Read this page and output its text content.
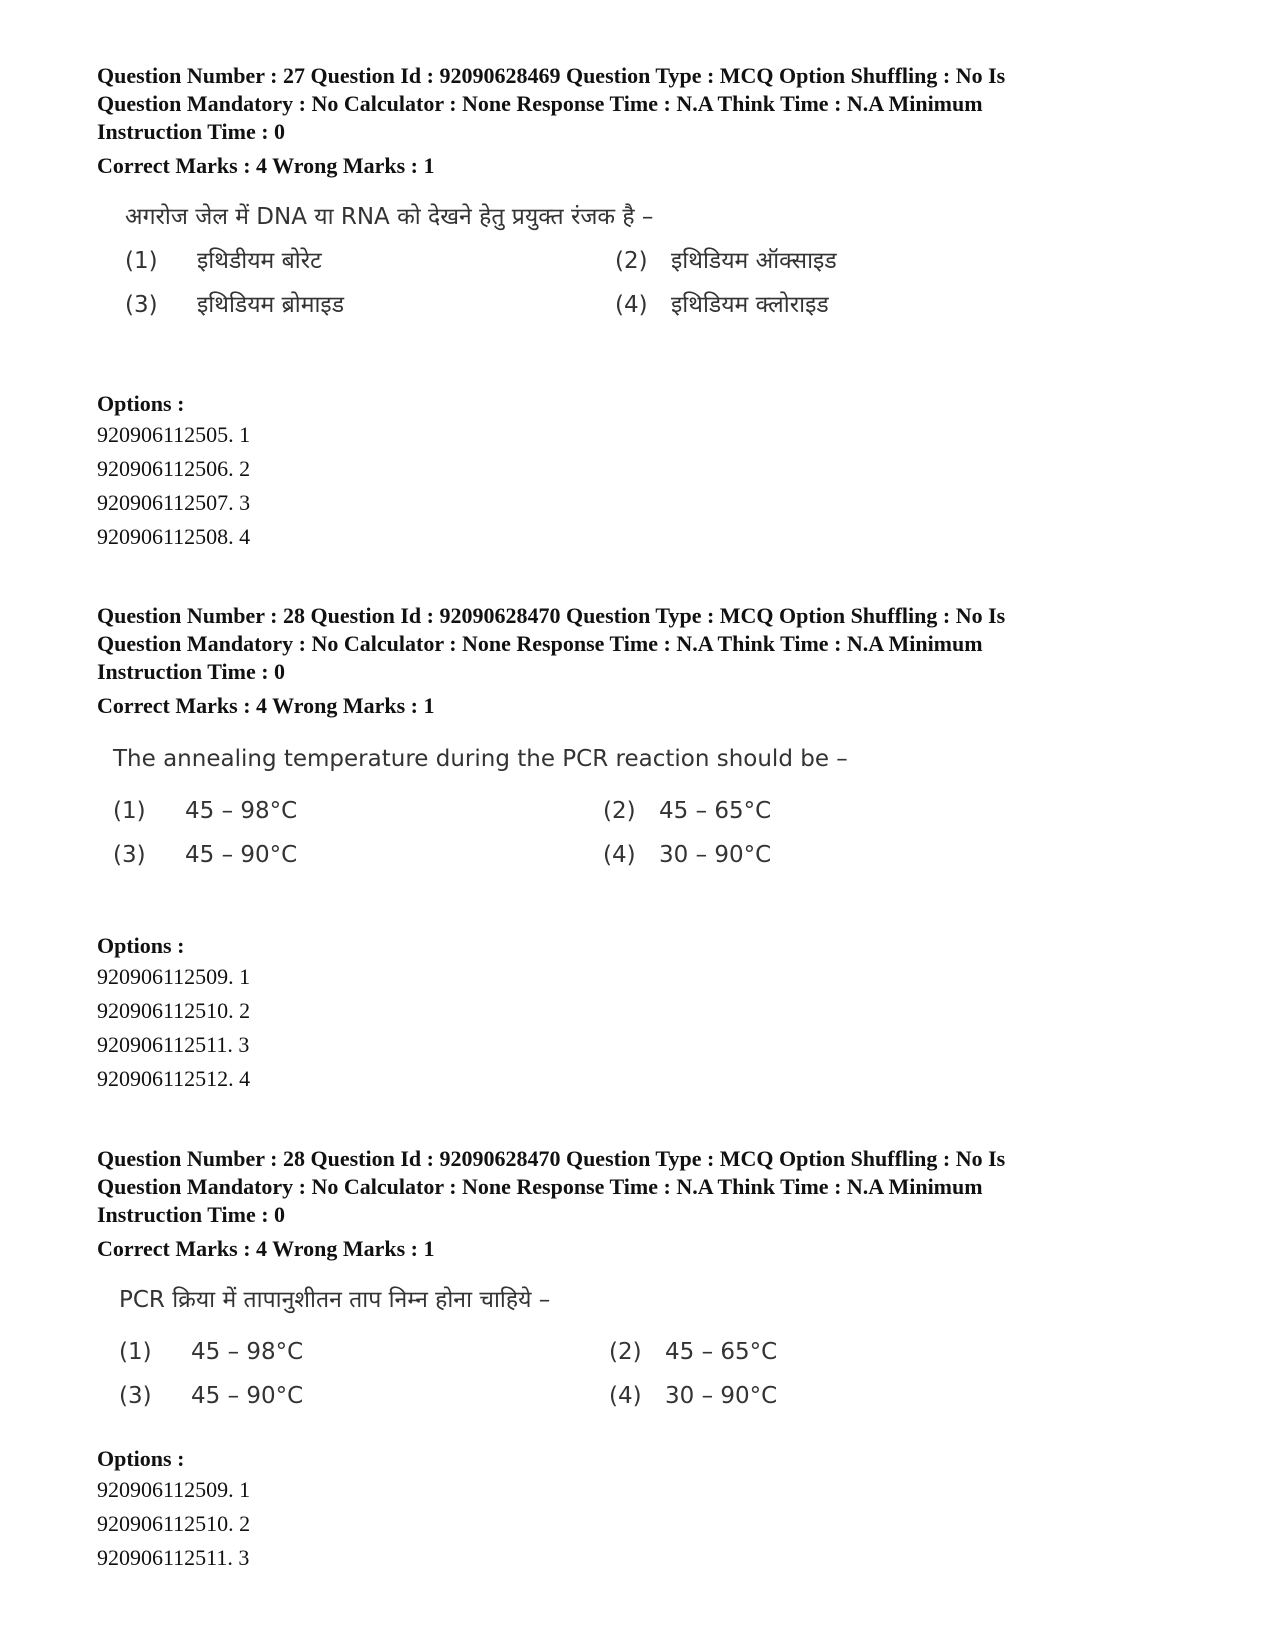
Question Number : 27 Question Id : 92090628469 Question Type : MCQ Option Shuffling : No Is
Question Mandatory : No Calculator : None Response Time : N.A Think Time : N.A Minimum
Instruction Time : 0
Correct Marks : 4 Wrong Marks : 1
अगरोज जेल में DNA या RNA को देखने हेतु प्रयुक्त रंजक है –
(1) इथिडीयम बोरेट	(2) इथिडियम ऑक्साइड
(3) इथिडियम ब्रोमाइड	(4) इथिडियम क्लोराइड
Options :
920906112505. 1
920906112506. 2
920906112507. 3
920906112508. 4
Question Number : 28 Question Id : 92090628470 Question Type : MCQ Option Shuffling : No Is
Question Mandatory : No Calculator : None Response Time : N.A Think Time : N.A Minimum
Instruction Time : 0
Correct Marks : 4 Wrong Marks : 1
The annealing temperature during the PCR reaction should be –
(1) 45 – 98°C	(2) 45 – 65°C
(3) 45 – 90°C	(4) 30 – 90°C
Options :
920906112509. 1
920906112510. 2
920906112511. 3
920906112512. 4
Question Number : 28 Question Id : 92090628470 Question Type : MCQ Option Shuffling : No Is
Question Mandatory : No Calculator : None Response Time : N.A Think Time : N.A Minimum
Instruction Time : 0
Correct Marks : 4 Wrong Marks : 1
PCR क्रिया में तापानुशीतन ताप निम्न होना चाहिये –
(1) 45 – 98°C	(2) 45 – 65°C
(3) 45 – 90°C	(4) 30 – 90°C
Options :
920906112509. 1
920906112510. 2
920906112511. 3
